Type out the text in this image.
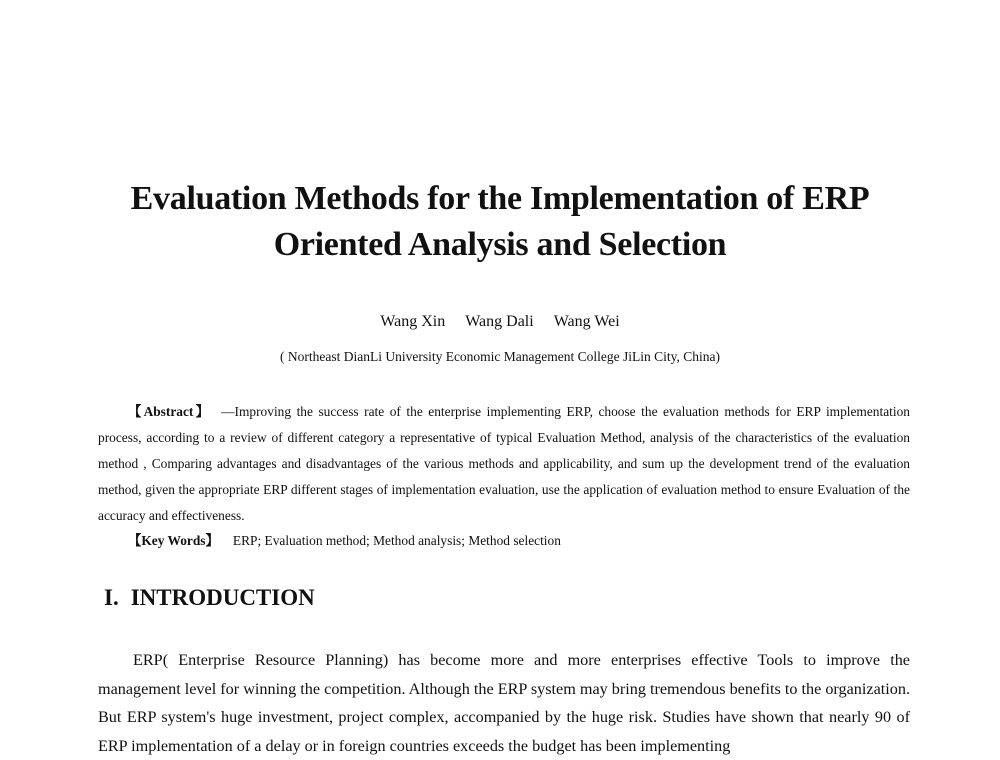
Evaluation Methods for the Implementation of ERP
Oriented Analysis and Selection
Wang Xin Wang Dali Wang Wei
( Northeast DianLi University Economic Management College JiLin City, China)
【Abstract】 —Improving the success rate of the enterprise implementing ERP, choose the evaluation methods for ERP implementation process, according to a review of different category a representative of typical Evaluation Method, analysis of the characteristics of the evaluation method , Comparing advantages and disadvantages of the various methods and applicability, and sum up the development trend of the evaluation method, given the appropriate ERP different stages of implementation evaluation, use the application of evaluation method to ensure Evaluation of the accuracy and effectiveness.
【Key Words】 ERP; Evaluation method; Method analysis; Method selection
I. INTRODUCTION
ERP( Enterprise Resource Planning) has become more and more enterprises effective Tools to improve the management level for winning the competition. Although the ERP system may bring tremendous benefits to the organization. But ERP system's huge investment, project complex, accompanied by the huge risk. Studies have shown that nearly 90 of ERP implementation of a delay or in foreign countries exceeds the budget has been implementing
